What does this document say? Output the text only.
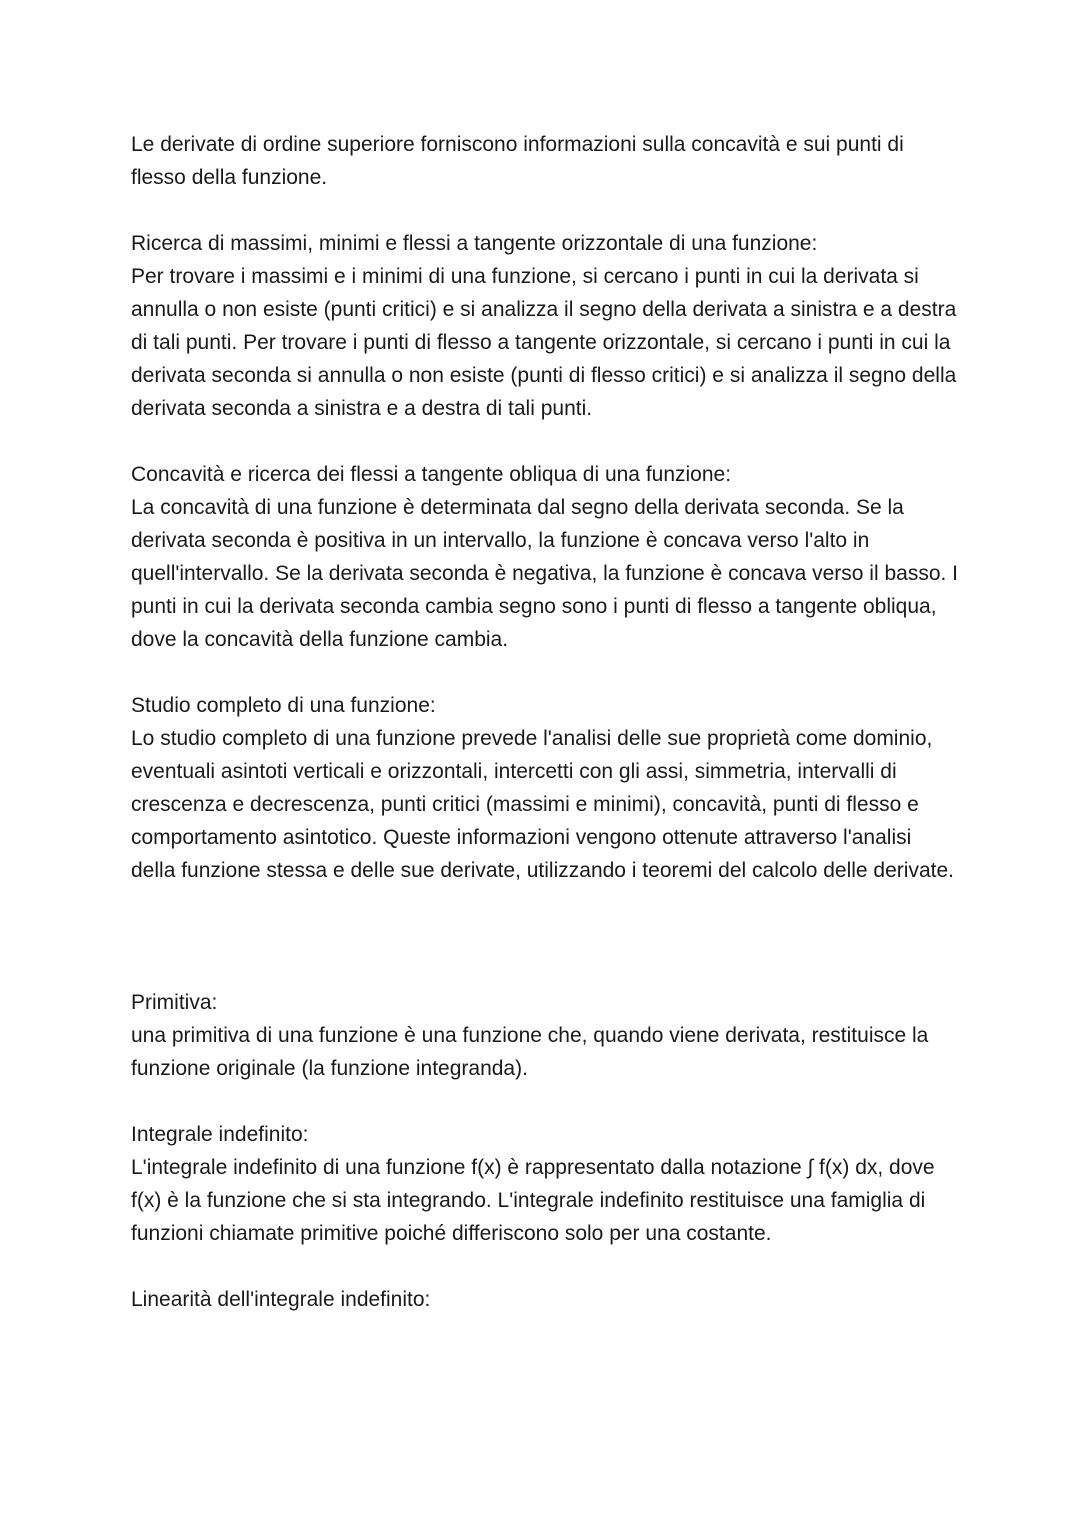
Le derivate di ordine superiore forniscono informazioni sulla concavità e sui punti di flesso della funzione.

Ricerca di massimi, minimi e flessi a tangente orizzontale di una funzione:
Per trovare i massimi e i minimi di una funzione, si cercano i punti in cui la derivata si annulla o non esiste (punti critici) e si analizza il segno della derivata a sinistra e a destra di tali punti. Per trovare i punti di flesso a tangente orizzontale, si cercano i punti in cui la derivata seconda si annulla o non esiste (punti di flesso critici) e si analizza il segno della derivata seconda a sinistra e a destra di tali punti.
Concavità e ricerca dei flessi a tangente obliqua di una funzione:
La concavità di una funzione è determinata dal segno della derivata seconda. Se la derivata seconda è positiva in un intervallo, la funzione è concava verso l'alto in quell'intervallo. Se la derivata seconda è negativa, la funzione è concava verso il basso. I punti in cui la derivata seconda cambia segno sono i punti di flesso a tangente obliqua, dove la concavità della funzione cambia.
Studio completo di una funzione:
Lo studio completo di una funzione prevede l'analisi delle sue proprietà come dominio, eventuali asintoti verticali e orizzontali, intercetti con gli assi, simmetria, intervalli di crescenza e decrescenza, punti critici (massimi e minimi), concavità, punti di flesso e comportamento asintotico. Queste informazioni vengono ottenute attraverso l'analisi della funzione stessa e delle sue derivate, utilizzando i teoremi del calcolo delle derivate.
Primitiva:
una primitiva di una funzione è una funzione che, quando viene derivata, restituisce la funzione originale (la funzione integranda).
Integrale indefinito:
L'integrale indefinito di una funzione f(x) è rappresentato dalla notazione ∫ f(x) dx, dove f(x) è la funzione che si sta integrando. L'integrale indefinito restituisce una famiglia di funzioni chiamate primitive poiché differiscono solo per una costante.
Linearità dell'integrale indefinito:
